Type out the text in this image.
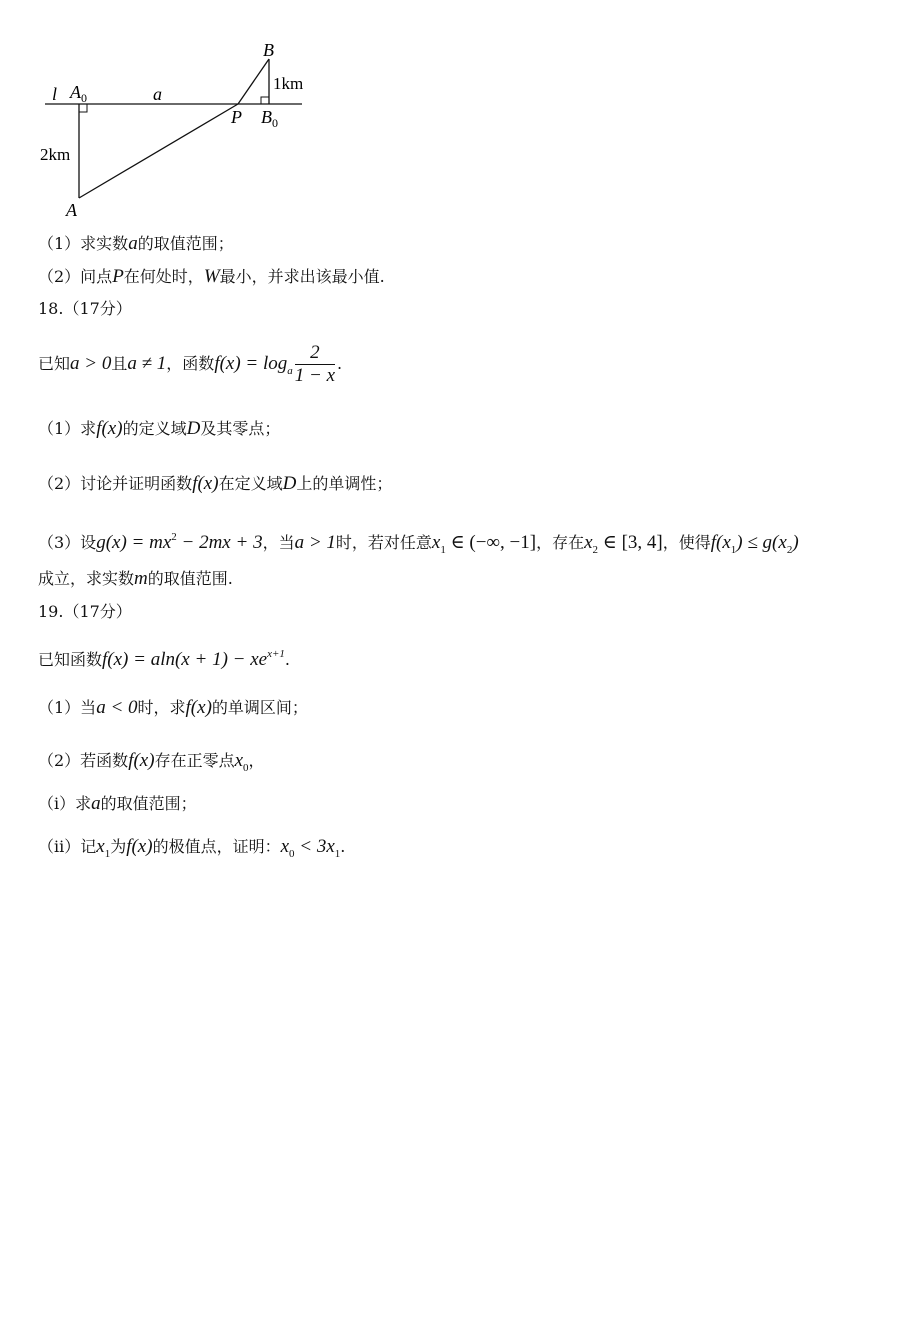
l $A_0$	a
B
1km
P $B_0$
2km
A
（1）求实数a的取值范围；
（2）问点P在何处时，W最小，并求出该最小值.
18.（17分）
已知a > 0且a ≠ 1，函数$f(x) = \log_a \frac{2}{1 - x}$ .
（1）求f(x)的定义域D及其零点；
（2）讨论并证明函数f(x)在定义域D上的单调性；
（3）设$g(x) = mx^2 - 2mx + 3$，当a > 1时，若对任意$x_1$ ∈ (−∞, −1]，存在$x_2$ ∈ [3, 4]，使得$f(x_1) \le g(x_2)$
成立，求实数m的取值范围.
19.（17分）
已知函数$f(x) = aln(x + 1) - xe^{x+1}$.
（1）当a < 0时，求f(x)的单调区间；
（2）若函数f(x)存在正零点$x_0$，
（i）求a的取值范围；
（ii）记$x_1$为f(x)的极值点，证明：$x_0 < 3x_1$.
